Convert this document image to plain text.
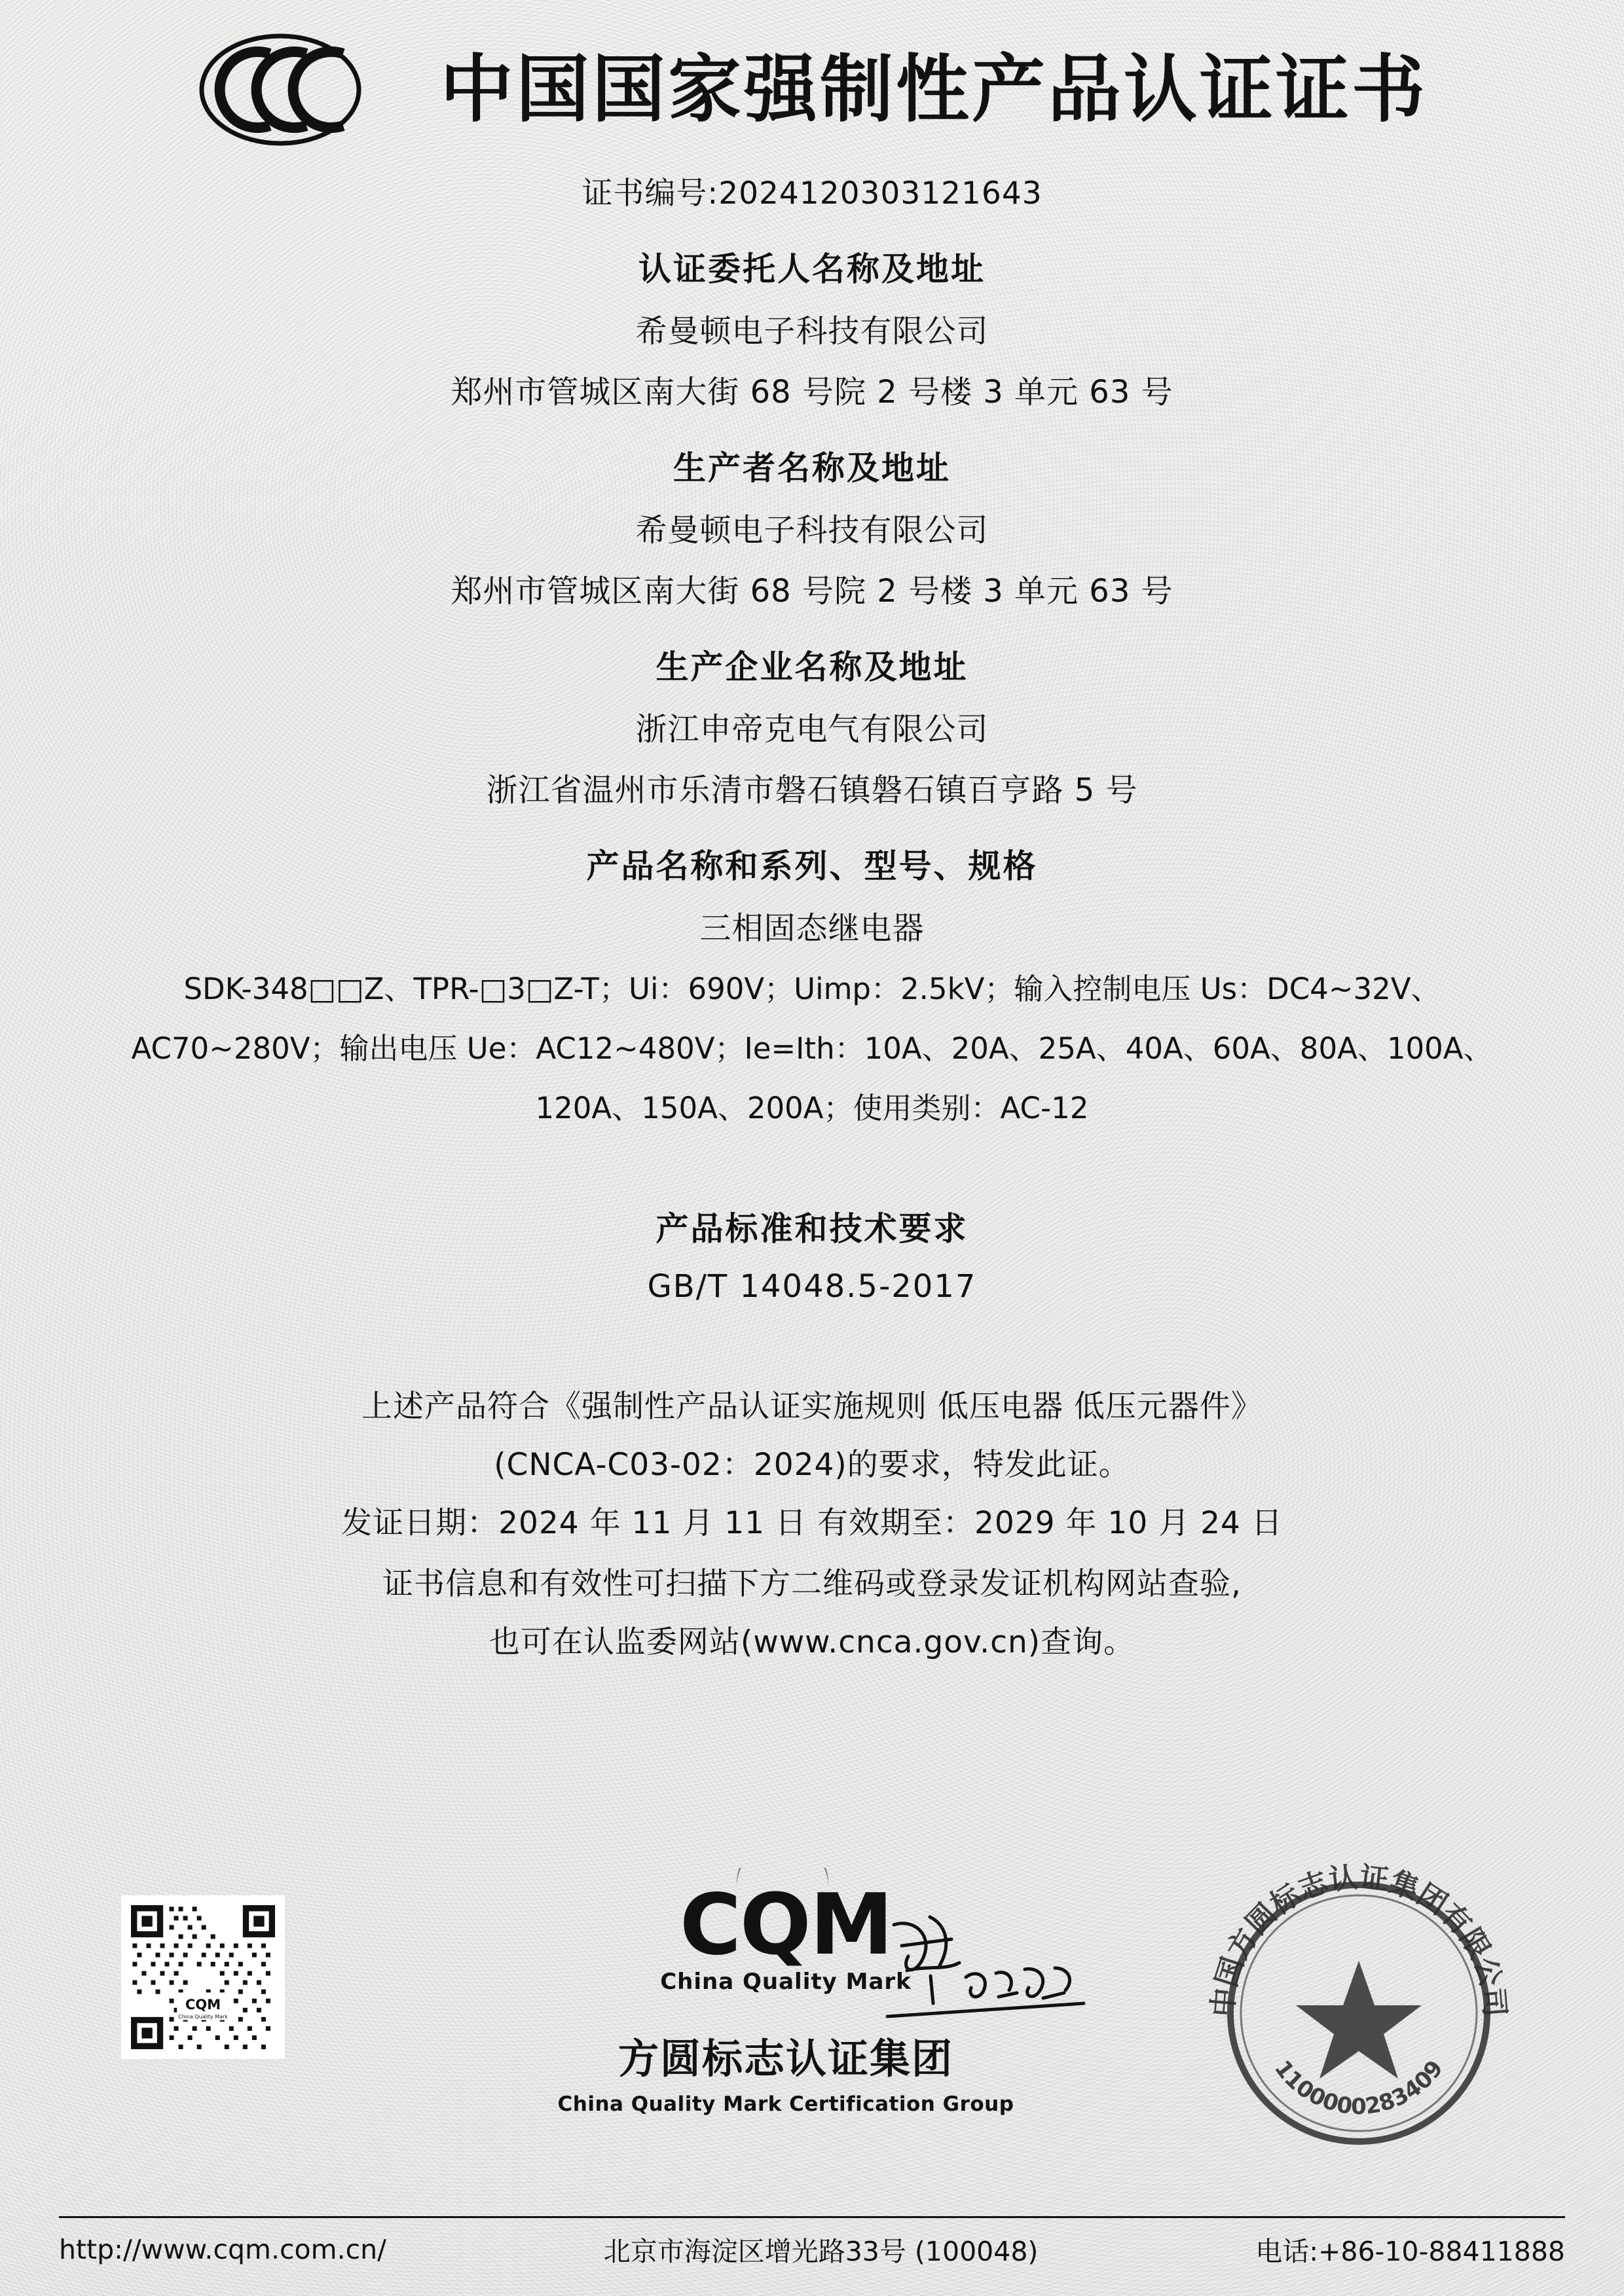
中国国家强制性产品认证证书
证书编号:2024120303121643
认证委托人名称及地址
希曼顿电子科技有限公司
郑州市管城区南大街 68 号院 2 号楼 3 单元 63 号
生产者名称及地址
希曼顿电子科技有限公司
郑州市管城区南大街 68 号院 2 号楼 3 单元 63 号
生产企业名称及地址
浙江申帝克电气有限公司
浙江省温州市乐清市磐石镇磐石镇百亨路 5 号
产品名称和系列、型号、规格
三相固态继电器
SDK-348□□Z、TPR-□3□Z-T；Ui：690V；Uimp：2.5kV；输入控制电压 Us：DC4~32V、
AC70~280V；输出电压 Ue：AC12~480V；Ie=Ith：10A、20A、25A、40A、60A、80A、100A、
120A、150A、200A；使用类别：AC-12
产品标准和技术要求
GB/T 14048.5-2017

上述产品符合《强制性产品认证实施规则 低压电器 低压元器件》

(CNCA-C03-02：2024)的要求，特发此证。

发证日期：2024 年 11 月 11 日 有效期至：2029 年 10 月 24 日

证书信息和有效性可扫描下方二维码或登录发证机构网站查验,

也可在认监委网站(www.cnca.gov.cn)查询。

CQM
China Quality Mark
CQM
China Quality Mark
方圆标志认证集团
China Quality Mark Certification Group
中国方圆标志认证集团有限公司
1100000283409
http://www.cqm.com.cn/	北京市海淀区增光路33号 (100048)	电话:+86-10-88411888
